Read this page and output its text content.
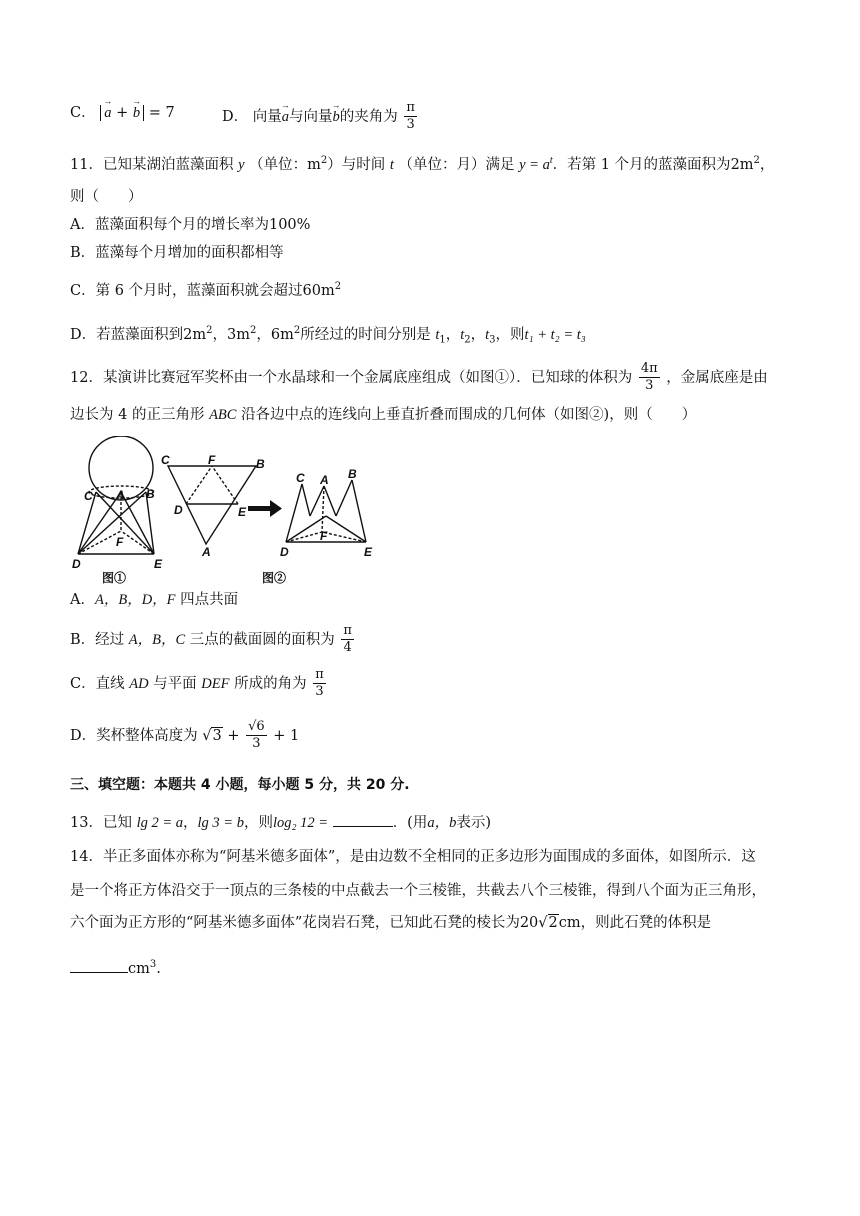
C． → a + → b = 7	D． 向量→ a与向量→ b的夹角为 $\frac{\pi}{3}$
11．已知某湖泊蓝藻面积 y （单位：$m^2$）与时间 t （单位：月）满足 $y = a^t$．若第 1 个月的蓝藻面积为$2m^2$，
则（　　）
A．蓝藻面积每个月的增长率为100%
B．蓝藻每个月增加的面积都相等
C．第 6 个月时，蓝藻面积就会超过$60m^2$
D．若蓝藻面积到$2m^2$，$3m^2$，$6m^2$所经过的时间分别是 $t_1$，$t_2$，$t_3$，则t₁ + t₂ = t₃
12．某演讲比赛冠军奖杯由一个水晶球和一个金属底座组成（如图①）．已知球的体积为 $\frac{4\pi}{3}$ ，金属底座是由
边长为 4 的正三角形 ABC 沿各边中点的连线向上垂直折叠而围成的几何体（如图②)，则（　　）
C A B
F
D	E
图①
C	F	B
D	E
A
C A B
F
D	E
图②
A．A，B，D，F 四点共面
B．经过 A，B，C 三点的截面圆的面积为 $\frac{\pi}{4}$
C．直线 AD 与平面 DEF 所成的角为 $\frac{\pi}{3}$
D．奖杯整体高度为 $√3 + \frac{√6}{3} + 1$
三、填空题：本题共 4 小题，每小题 5 分，共 20 分.
13．已知 lg 2 = a，lg 3 = b，则log₂ 12 =	．(用a，b表示)
14．半正多面体亦称为“阿基米德多面体”，是由边数不全相同的正多边形为面围成的多面体，如图所示．这
是一个将正方体沿交于一顶点的三条棱的中点截去一个三棱锥，共截去八个三棱锥，得到八个面为正三角形，
六个面为正方形的“阿基米德多面体”花岗岩石凳，已知此石凳的棱长为20√2cm，则此石凳的体积是
$cm^3$.
